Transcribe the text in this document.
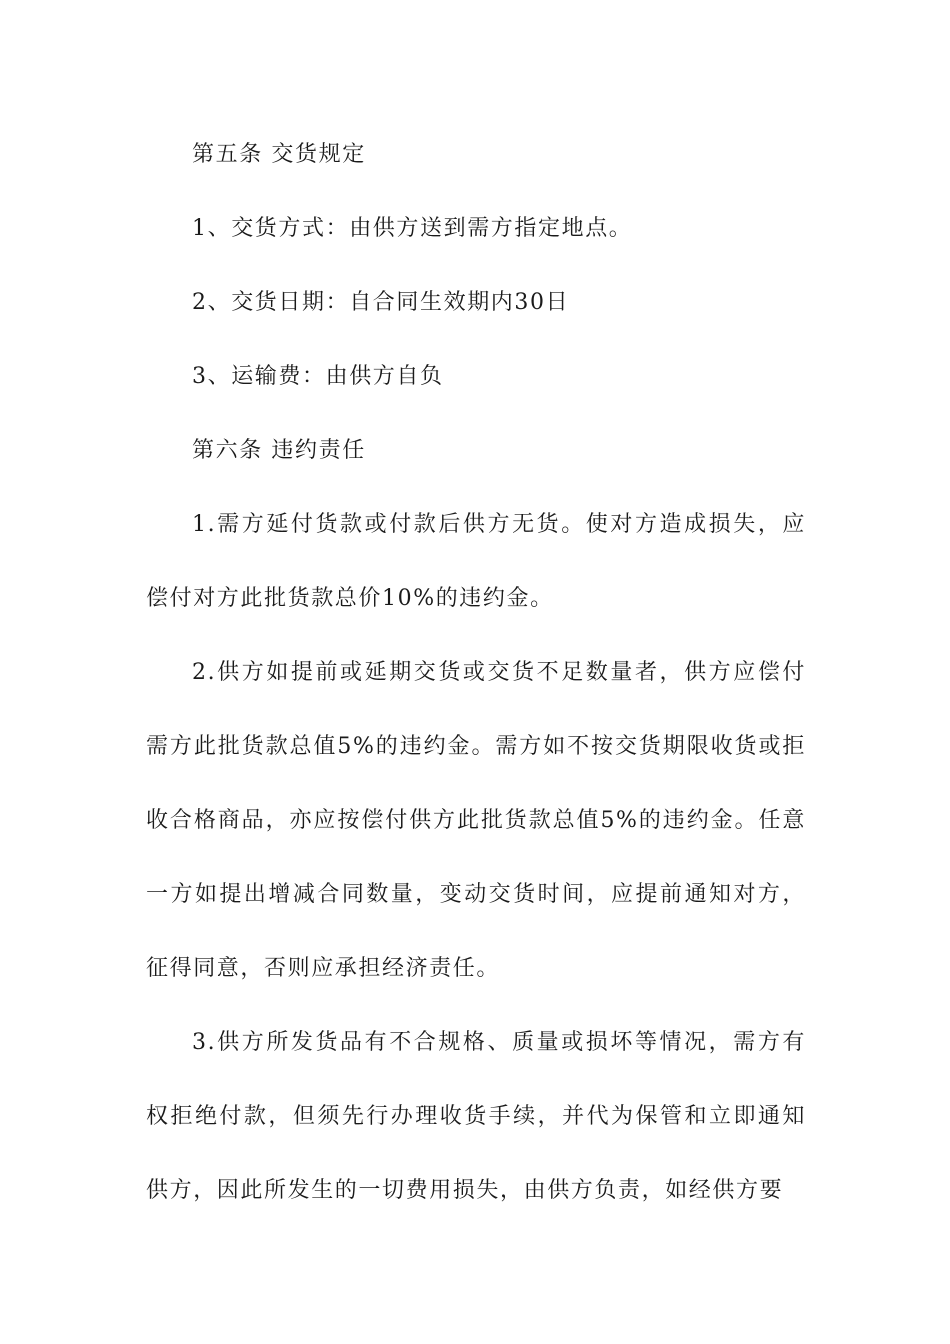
第五条 交货规定

1、交货方式：由供方送到需方指定地点。

2、交货日期：自合同生效期内30日

3、运输费：由供方自负

第六条 违约责任

1.需方延付货款或付款后供方无货。使对方造成损失，应偿付对方此批货款总价10%的违约金。

2.供方如提前或延期交货或交货不足数量者，供方应偿付需方此批货款总值5%的违约金。需方如不按交货期限收货或拒收合格商品，亦应按偿付供方此批货款总值5%的违约金。任意一方如提出增减合同数量，变动交货时间，应提前通知对方，征得同意，否则应承担经济责任。

3.供方所发货品有不合规格、质量或损坏等情况，需方有权拒绝付款，但须先行办理收货手续，并代为保管和立即通知供方，因此所发生的一切费用损失，由供方负责，如经供方要
